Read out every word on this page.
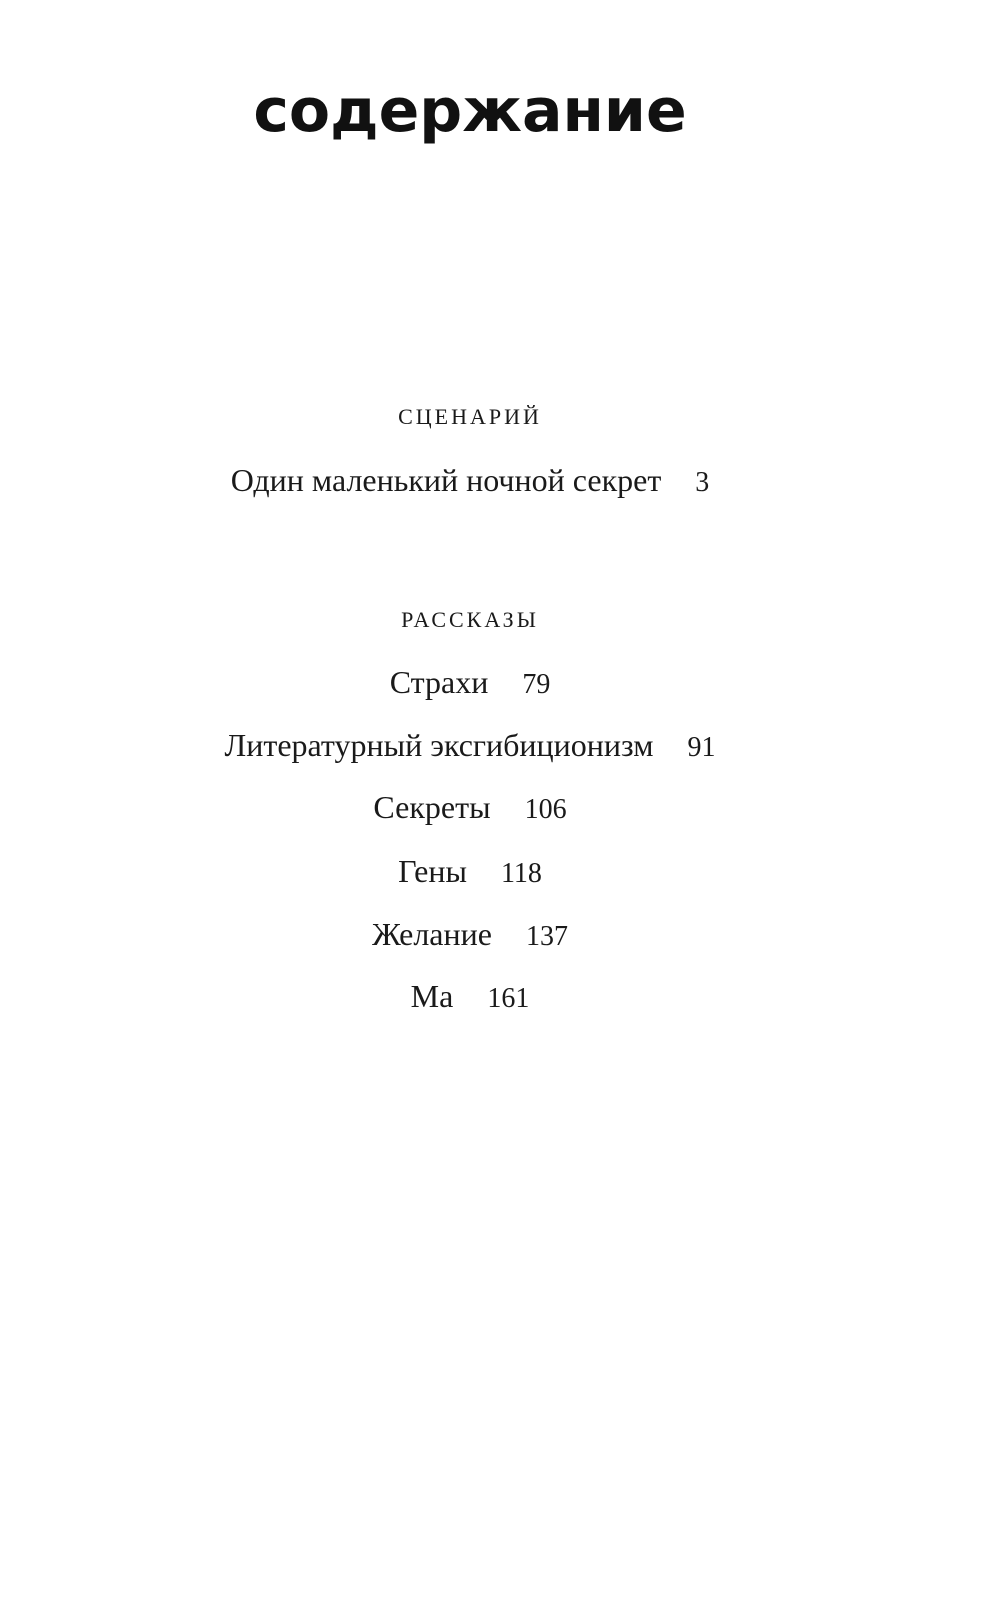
содержание
СЦЕНАРИЙ
Один маленький ночной секрет 3
РАССКАЗЫ
Страхи 79
Литературный эксгибиционизм 91
Секреты 106
Гены 118
Желание 137
Ма 161
